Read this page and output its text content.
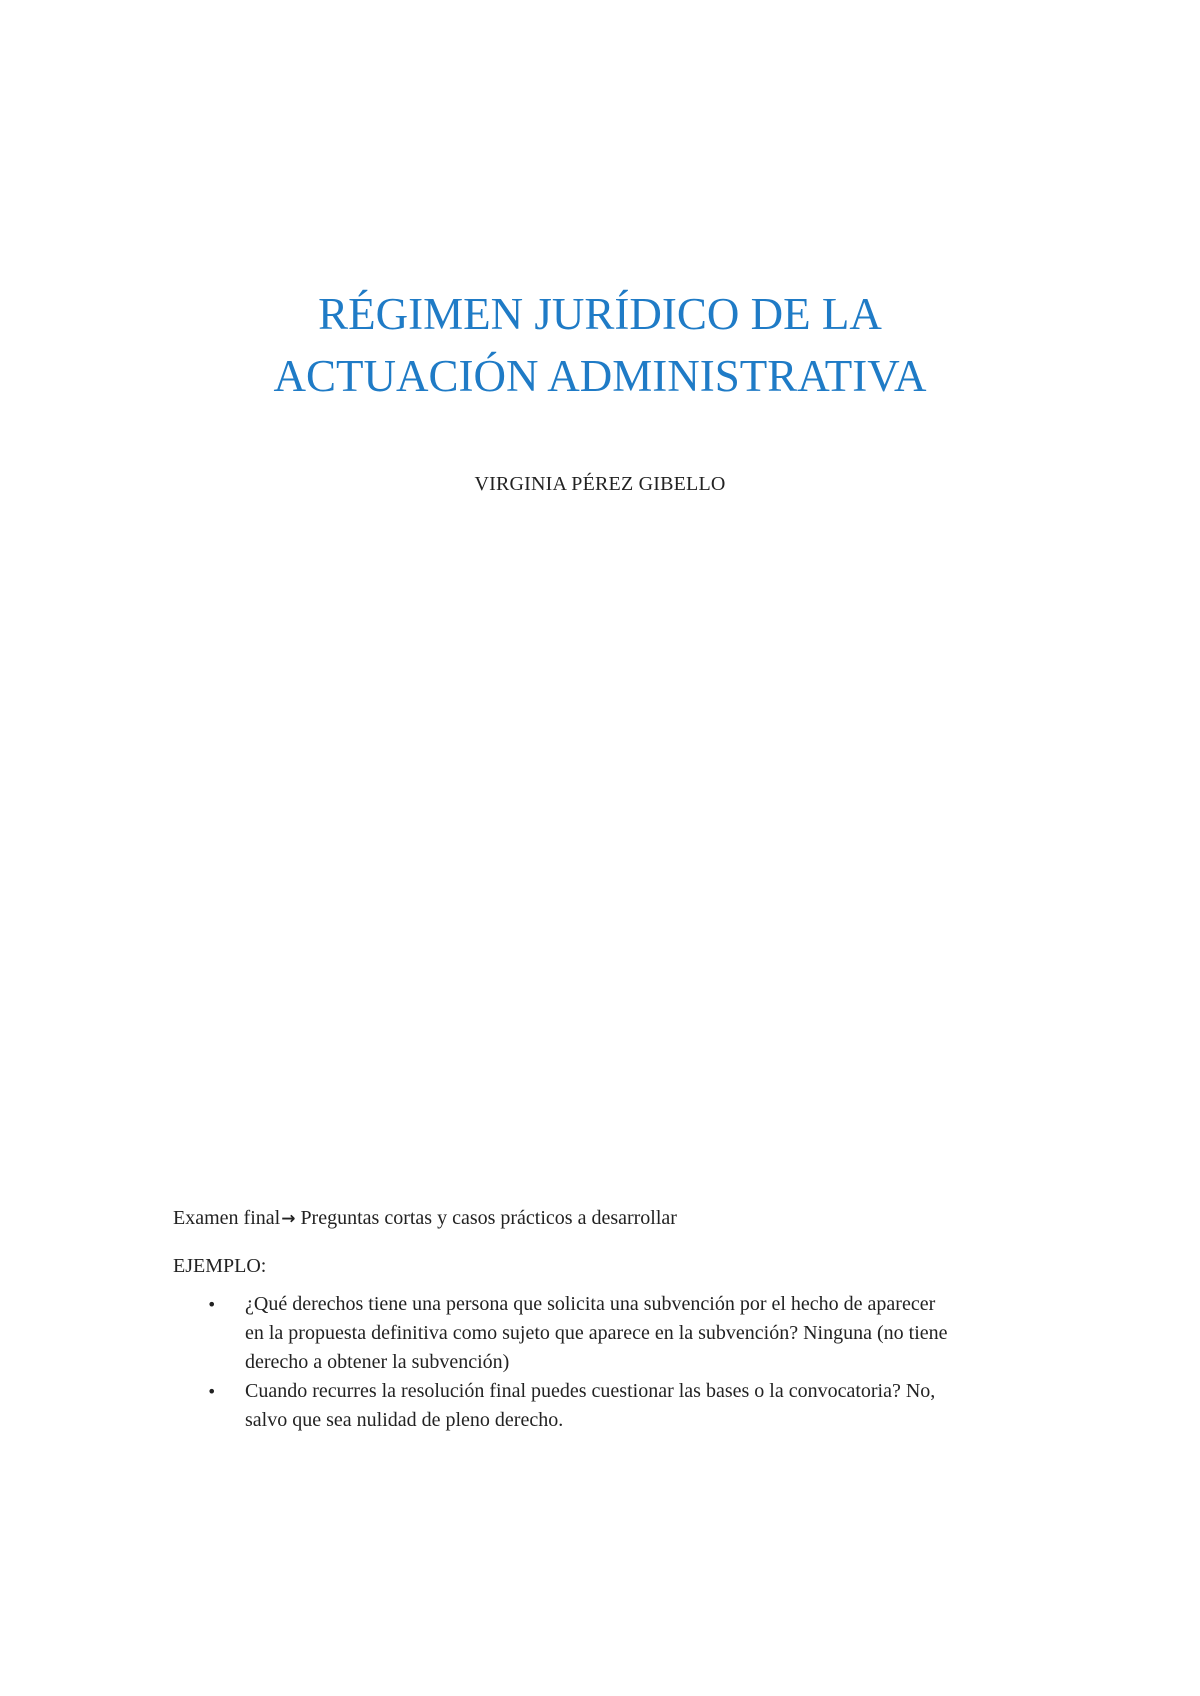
RÉGIMEN JURÍDICO DE LA
ACTUACIÓN ADMINISTRATIVA
VIRGINIA PÉREZ GIBELLO
Examen final→ Preguntas cortas y casos prácticos a desarrollar
EJEMPLO:
• ¿Qué derechos tiene una persona que solicita una subvención por el hecho de aparecer
en la propuesta definitiva como sujeto que aparece en la subvención? Ninguna (no tiene
derecho a obtener la subvención)
• Cuando recurres la resolución final puedes cuestionar las bases o la convocatoria? No,
salvo que sea nulidad de pleno derecho.
